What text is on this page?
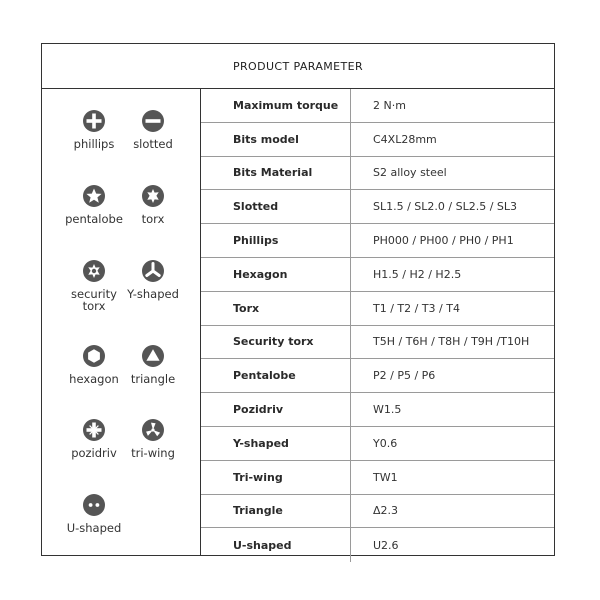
PRODUCT PARAMETER
phillips	slotted
pentalobe	torx
security
torx
Y-shaped
hexagon	triangle
pozidriv	tri-wing
U-shaped
Maximum torque	2 N·m
Bits model	C4XL28mm
Bits Material	S2 alloy steel
Slotted	SL1.5 / SL2.0 / SL2.5 / SL3
Phillips	PH000 / PH00 / PH0 / PH1
Hexagon	H1.5 / H2 / H2.5
Torx	T1 / T2 / T3 / T4
Security torx	T5H / T6H / T8H / T9H /T10H
Pentalobe	P2 / P5 / P6
Pozidriv	W1.5
Y-shaped	Y0.6
Tri-wing	TW1
Triangle	Δ2.3
U-shaped	U2.6
